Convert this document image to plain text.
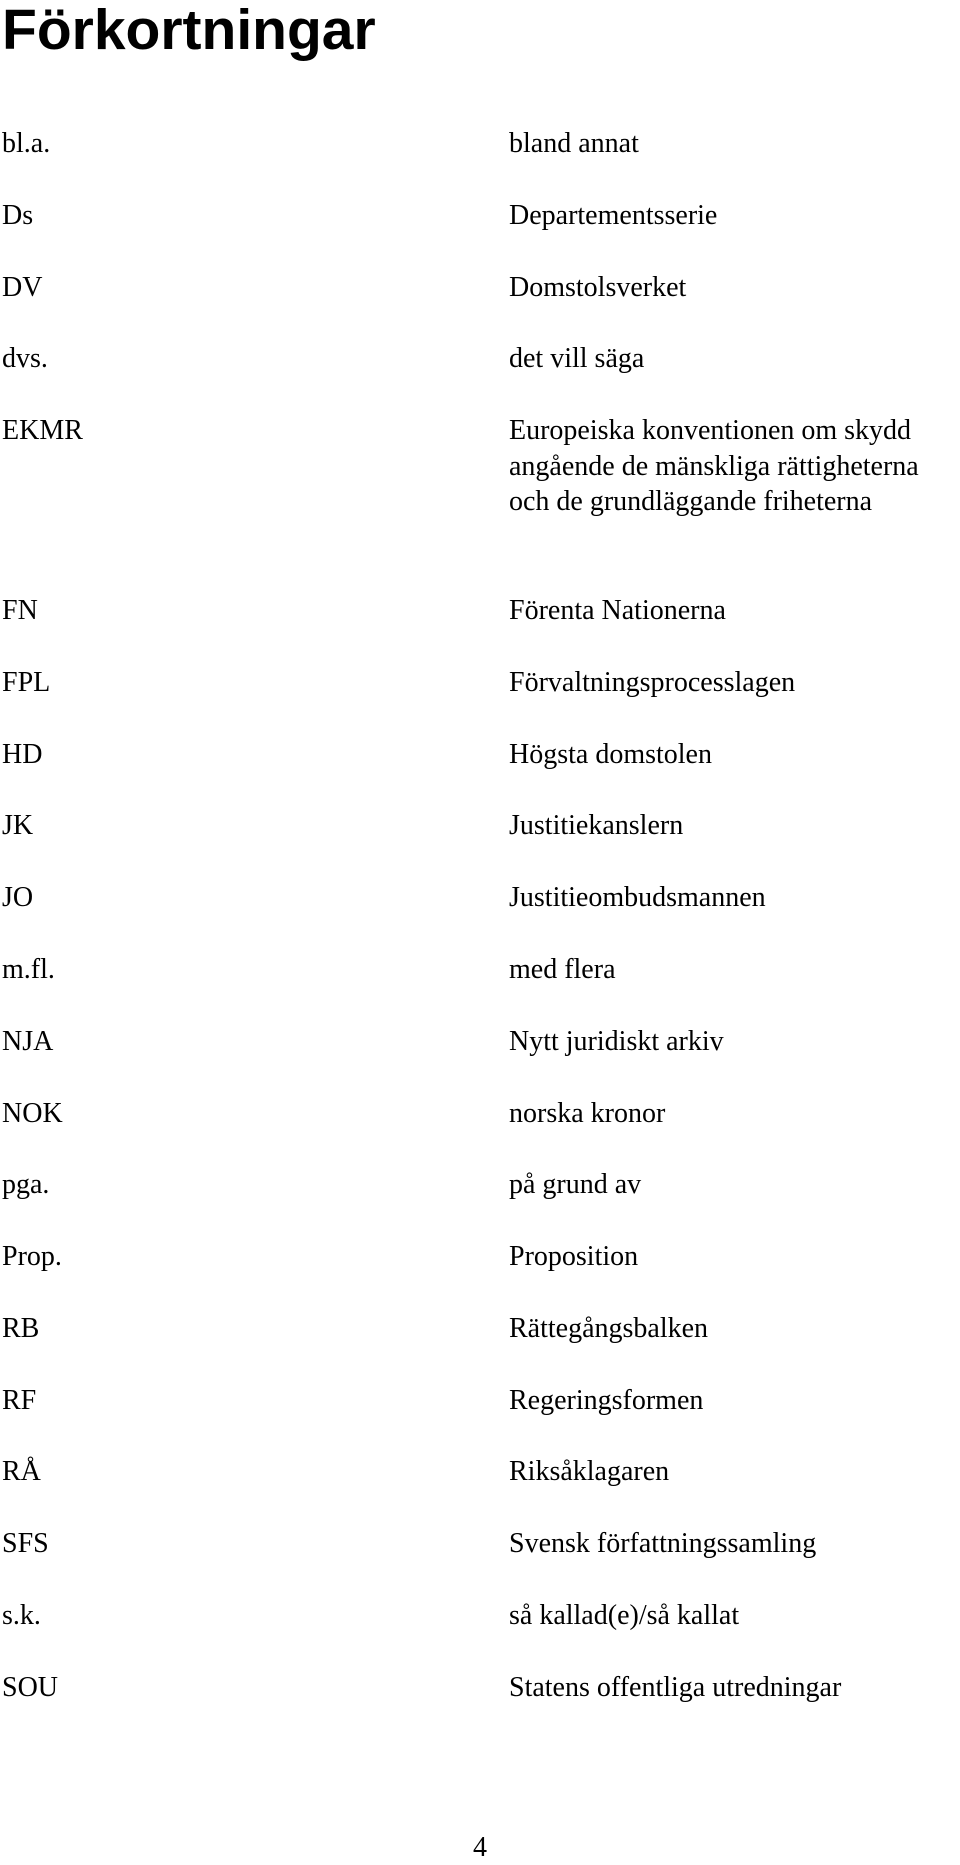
Förkortningar
bl.a.	bland annat
Ds	Departementsserie
DV	Domstolsverket
dvs.	det vill säga
EKMR	Europeiska konventionen om skydd angående de mänskliga rättigheterna och de grundläggande friheterna
FN	Förenta Nationerna
FPL	Förvaltningsprocesslagen
HD	Högsta domstolen
JK	Justitiekanslern
JO	Justitieombudsmannen
m.fl.	med flera
NJA	Nytt juridiskt arkiv
NOK	norska kronor
pga.	på grund av
Prop.	Proposition
RB	Rättegångsbalken
RF	Regeringsformen
RÅ	Riksåklagaren
SFS	Svensk författningssamling
s.k.	så kallad(e)/så kallat
SOU	Statens offentliga utredningar
4
